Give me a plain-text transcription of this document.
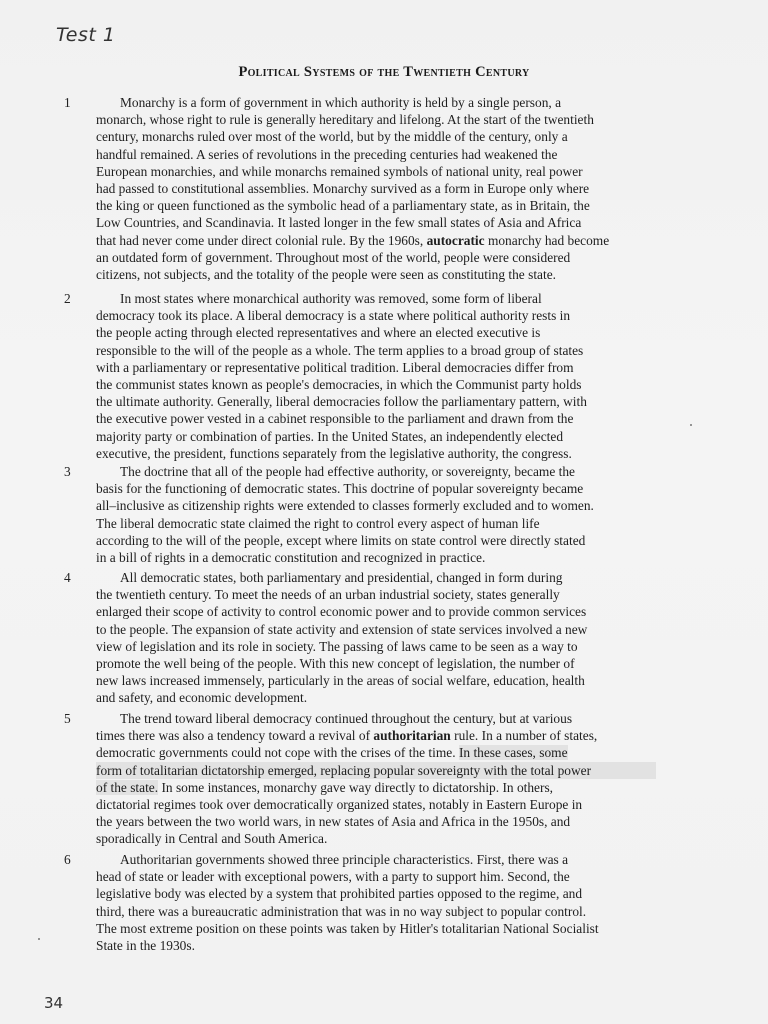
Test 1
Political Systems of the Twentieth Century
1	Monarchy is a form of government in which authority is held by a single person, a
monarch, whose right to rule is generally hereditary and lifelong. At the start of the twentieth
century, monarchs ruled over most of the world, but by the middle of the century, only a
handful remained. A series of revolutions in the preceding centuries had weakened the
European monarchies, and while monarchs remained symbols of national unity, real power
had passed to constitutional assemblies. Monarchy survived as a form in Europe only where
the king or queen functioned as the symbolic head of a parliamentary state, as in Britain, the
Low Countries, and Scandinavia. It lasted longer in the few small states of Asia and Africa
that had never come under direct colonial rule. By the 1960s, autocratic monarchy had become
an outdated form of government. Throughout most of the world, people were considered
citizens, not subjects, and the totality of the people were seen as constituting the state.
2	In most states where monarchical authority was removed, some form of liberal
democracy took its place. A liberal democracy is a state where political authority rests in
the people acting through elected representatives and where an elected executive is
responsible to the will of the people as a whole. The term applies to a broad group of states
with a parliamentary or representative political tradition. Liberal democracies differ from
the communist states known as people's democracies, in which the Communist party holds
the ultimate authority. Generally, liberal democracies follow the parliamentary pattern, with
the executive power vested in a cabinet responsible to the parliament and drawn from the
majority party or combination of parties. In the United States, an independently elected
executive, the president, functions separately from the legislative authority, the congress.
3	The doctrine that all of the people had effective authority, or sovereignty, became the
basis for the functioning of democratic states. This doctrine of popular sovereignty became
all–inclusive as citizenship rights were extended to classes formerly excluded and to women.
The liberal democratic state claimed the right to control every aspect of human life
according to the will of the people, except where limits on state control were directly stated
in a bill of rights in a democratic constitution and recognized in practice.
4	All democratic states, both parliamentary and presidential, changed in form during
the twentieth century. To meet the needs of an urban industrial society, states generally
enlarged their scope of activity to control economic power and to provide common services
to the people. The expansion of state activity and extension of state services involved a new
view of legislation and its role in society. The passing of laws came to be seen as a way to
promote the well being of the people. With this new concept of legislation, the number of
new laws increased immensely, particularly in the areas of social welfare, education, health
and safety, and economic development.
5	The trend toward liberal democracy continued throughout the century, but at various
times there was also a tendency toward a revival of authoritarian rule. In a number of states,
democratic governments could not cope with the crises of the time. In these cases, some
form of totalitarian dictatorship emerged, replacing popular sovereignty with the total power
of the state. In some instances, monarchy gave way directly to dictatorship. In others,
dictatorial regimes took over democratically organized states, notably in Eastern Europe in
the years between the two world wars, in new states of Asia and Africa in the 1950s, and
sporadically in Central and South America.
6	Authoritarian governments showed three principle characteristics. First, there was a
head of state or leader with exceptional powers, with a party to support him. Second, the
legislative body was elected by a system that prohibited parties opposed to the regime, and
third, there was a bureaucratic administration that was in no way subject to popular control.
The most extreme position on these points was taken by Hitler's totalitarian National Socialist
State in the 1930s.
34
